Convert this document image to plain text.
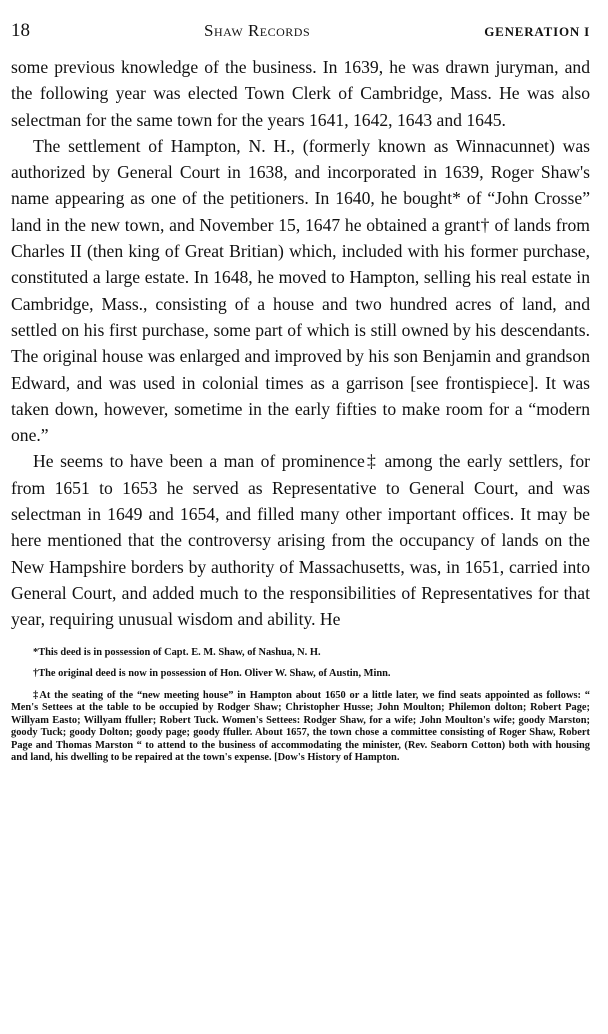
18	Shaw Records	GENERATION I

some previous knowledge of the business. In 1639, he was drawn juryman, and the following year was elected Town Clerk of Cambridge, Mass. He was also selectman for the same town for the years 1641, 1642, 1643 and 1645.

The settlement of Hampton, N. H., (formerly known as Winnacunnet) was authorized by General Court in 1638, and incorporated in 1639, Roger Shaw's name appearing as one of the petitioners. In 1640, he bought* of “John Crosse” land in the new town, and November 15, 1647 he obtained a grant† of lands from Charles II (then king of Great Britian) which, included with his former purchase, constituted a large estate. In 1648, he moved to Hampton, selling his real estate in Cambridge, Mass., consisting of a house and two hundred acres of land, and settled on his first purchase, some part of which is still owned by his descendants. The original house was enlarged and improved by his son Benjamin and grandson Edward, and was used in colonial times as a garrison [see frontispiece]. It was taken down, however, sometime in the early fifties to make room for a “modern one.”

He seems to have been a man of prominence‡ among the early settlers, for from 1651 to 1653 he served as Representative to General Court, and was selectman in 1649 and 1654, and filled many other important offices. It may be here mentioned that the controversy arising from the occupancy of lands on the New Hampshire borders by authority of Massachusetts, was, in 1651, carried into General Court, and added much to the responsibilities of Representatives for that year, requiring unusual wisdom and ability. He

*This deed is in possession of Capt. E. M. Shaw, of Nashua, N. H.

†The original deed is now in possession of Hon. Oliver W. Shaw, of Austin, Minn.

‡At the seating of the “new meeting house” in Hampton about 1650 or a little later, we find seats appointed as follows: “ Men's Settees at the table to be occupied by Rodger Shaw; Christopher Husse; John Moulton; Philemon dolton; Robert Page; Willyam Easto; Willyam ffuller; Robert Tuck. Women's Settees: Rodger Shaw, for a wife; John Moulton's wife; goody Marston; goody Tuck; goody Dolton; goody page; goody ffuller. About 1657, the town chose a committee consisting of Roger Shaw, Robert Page and Thomas Marston “ to attend to the business of accommodating the minister, (Rev. Seaborn Cotton) both with housing and land, his dwelling to be repaired at the town's expense. [Dow's History of Hampton.
